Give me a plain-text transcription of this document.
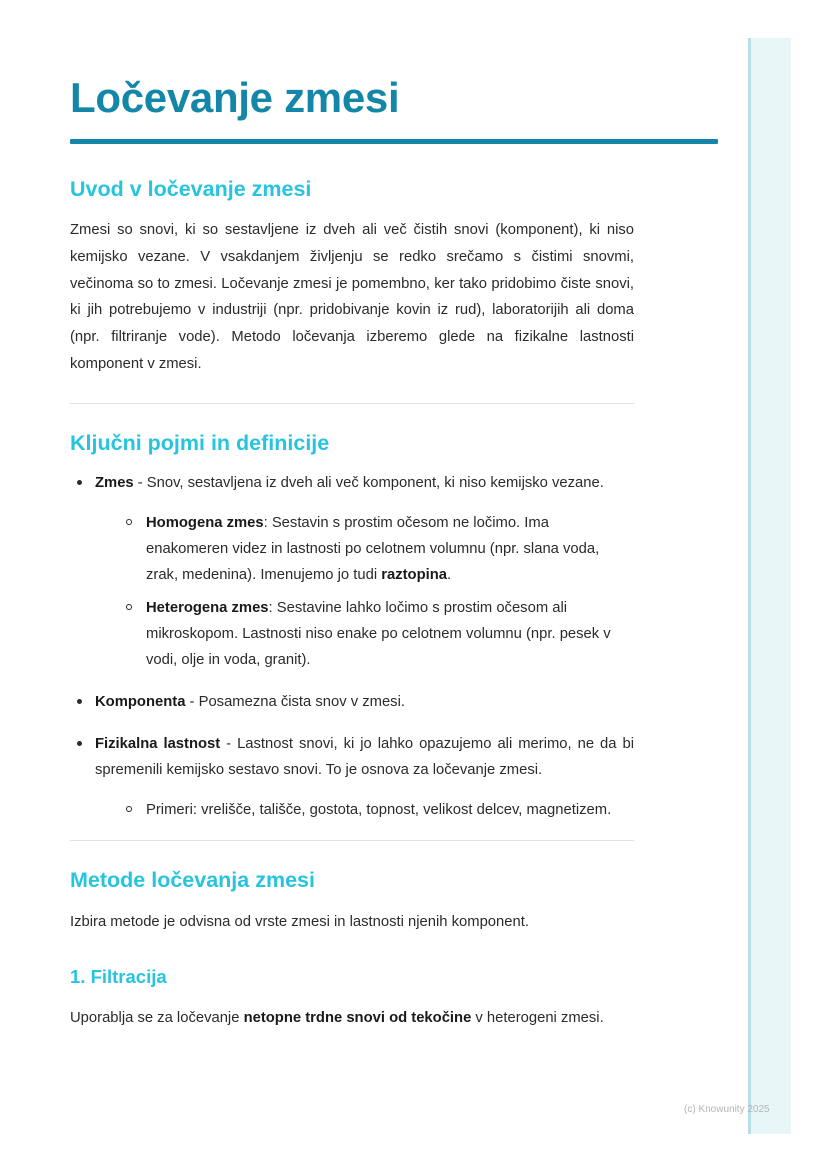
Ločevanje zmesi
Uvod v ločevanje zmesi

Zmesi so snovi, ki so sestavljene iz dveh ali več čistih snovi (komponent), ki niso kemijsko vezane. V vsakdanjem življenju se redko srečamo s čistimi snovmi, večinoma so to zmesi. Ločevanje zmesi je pomembno, ker tako pridobimo čiste snovi, ki jih potrebujemo v industriji (npr. pridobivanje kovin iz rud), laboratorijih ali doma (npr. filtriranje vode). Metodo ločevanja izberemo glede na fizikalne lastnosti komponent v zmesi.

Ključni pojmi in definicije
Zmes - Snov, sestavljena iz dveh ali več komponent, ki niso kemijsko vezane.
Homogena zmes: Sestavin s prostim očesom ne ločimo. Ima enakomeren videz in lastnosti po celotnem volumnu (npr. slana voda, zrak, medenina). Imenujemo jo tudi raztopina.
Heterogena zmes: Sestavine lahko ločimo s prostim očesom ali mikroskopom. Lastnosti niso enake po celotnem volumnu (npr. pesek v vodi, olje in voda, granit).
Komponenta - Posamezna čista snov v zmesi.
Fizikalna lastnost - Lastnost snovi, ki jo lahko opazujemo ali merimo, ne da bi spremenili kemijsko sestavo snovi. To je osnova za ločevanje zmesi.
Primeri: vrelišče, tališče, gostota, topnost, velikost delcev, magnetizem.
Metode ločevanja zmesi

Izbira metode je odvisna od vrste zmesi in lastnosti njenih komponent.

1. Filtracija

Uporablja se za ločevanje netopne trdne snovi od tekočine v heterogeni zmesi.

(c) Knowunity 2025
